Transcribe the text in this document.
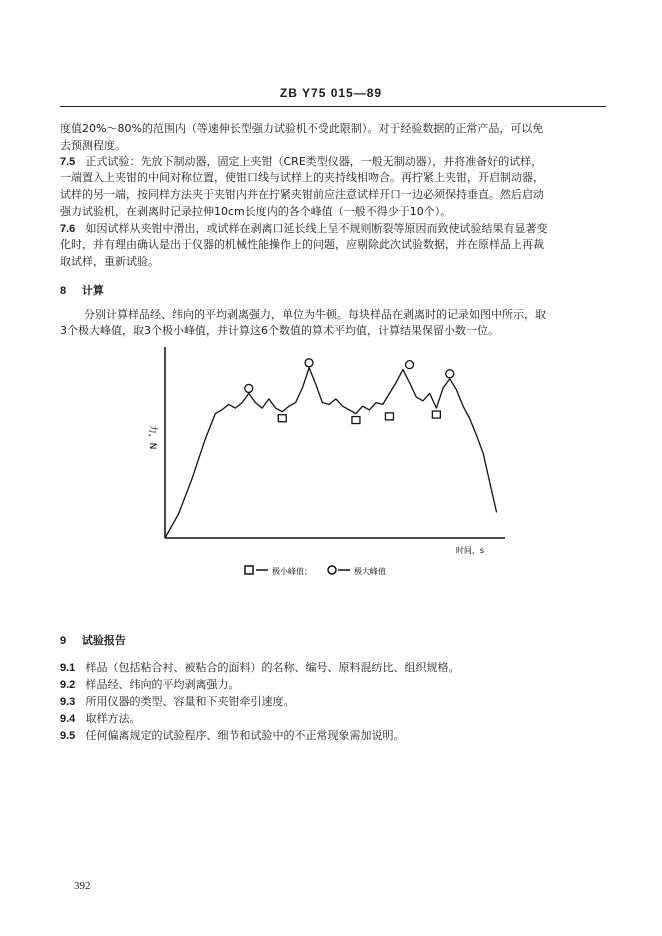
ZB Y75 015—89
度值20%～80%的范围内（等速伸长型强力试验机不受此限制）。对于经验数据的正常产品，可以免
去预测程度。
7.5 正式试验：先放下制动器，固定上夹钳（CRE类型仪器，一般无制动器），并将准备好的试样，
一端置入上夹钳的中间对称位置，使钳口线与试样上的夹持线相吻合。再拧紧上夹钳，开启制动器，
试样的另一端，按同样方法夹于夹钳内并在拧紧夹钳前应注意试样开口一边必须保持垂直。然后启动
强力试验机，在剥离时记录拉伸10cm长度内的各个峰值（一般不得少于10个）。
7.6 如因试样从夹钳中滑出，或试样在剥离口延长线上呈不规则断裂等原因而致使试验结果有显著变
化时，并有理由确认是出于仪器的机械性能操作上的问题，应剔除此次试验数据，并在原样品上再裁
取试样，重新试验。
8 计算
分别计算样品经、纬向的平均剥离强力，单位为牛顿。每块样品在剥离时的记录如图中所示，取
3个极大峰值，取3个极小峰值，并计算这6个数值的算术平均值，计算结果保留小数一位。
力，N
时间，s
极小峰值；	极大峰值
9 试验报告
9.1 样品（包括粘合衬、被粘合的面料）的名称、编号、原料混纺比、组织规格。
9.2 样品经、纬向的平均剥离强力。
9.3 所用仪器的类型、容量和下夹钳牵引速度。
9.4 取样方法。
9.5 任何偏离规定的试验程序、细节和试验中的不正常现象需加说明。
392
